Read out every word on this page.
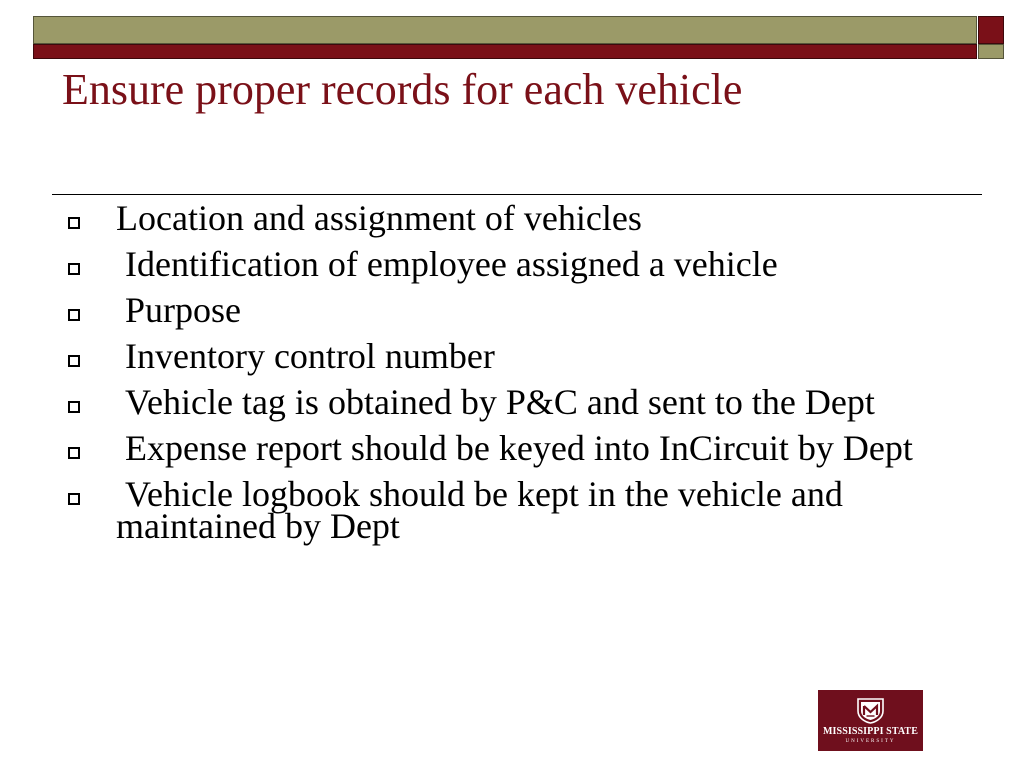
Ensure proper records for each vehicle
Location and assignment of vehicles
Identification of employee assigned a vehicle
Purpose
Inventory control number
Vehicle tag is obtained by P&C and sent to the Dept
Expense report should be keyed into InCircuit by Dept
Vehicle logbook should be kept in the vehicle and maintained by Dept
MISSISSIPPI STATE
UNIVERSITY
